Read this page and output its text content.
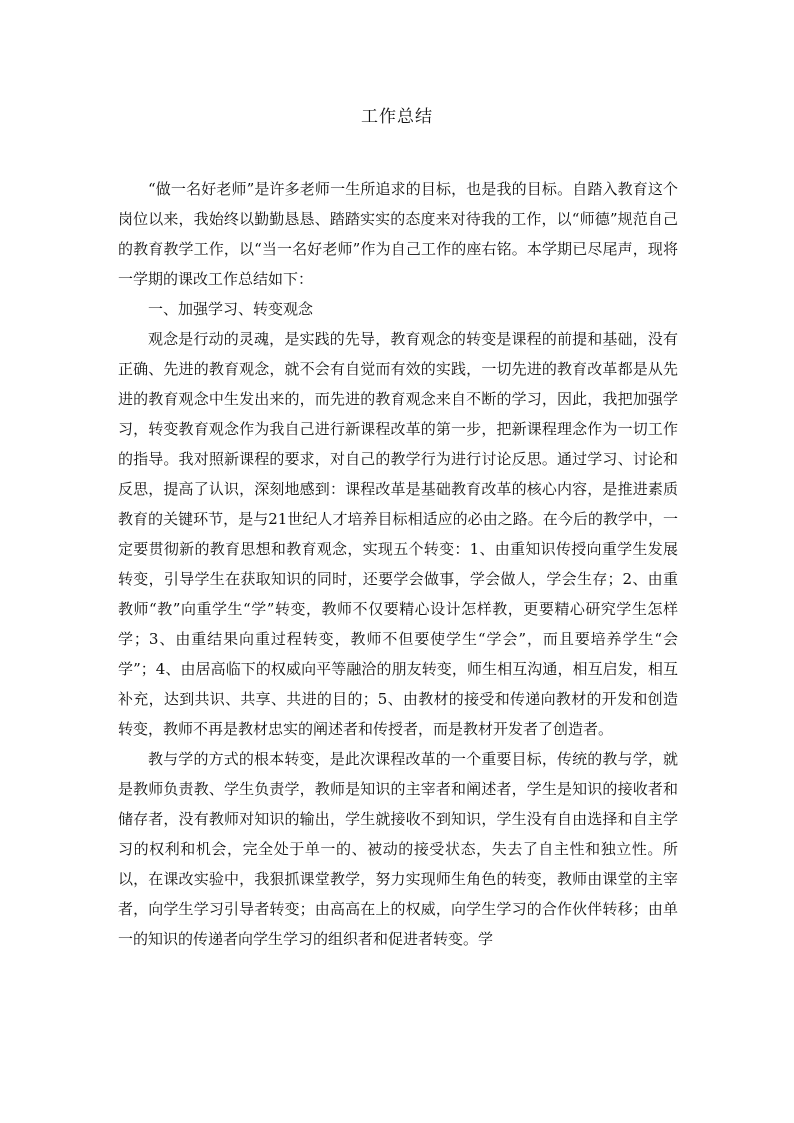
工作总结

“做一名好老师”是许多老师一生所追求的目标，也是我的目标。自踏入教育这个岗位以来，我始终以勤勤恳恳、踏踏实实的态度来对待我的工作，以“师德”规范自己的教育教学工作，以“当一名好老师”作为自己工作的座右铭。本学期已尽尾声，现将一学期的课改工作总结如下：

一、加强学习、转变观念

观念是行动的灵魂，是实践的先导，教育观念的转变是课程的前提和基础，没有正确、先进的教育观念，就不会有自觉而有效的实践，一切先进的教育改革都是从先进的教育观念中生发出来的，而先进的教育观念来自不断的学习，因此，我把加强学习，转变教育观念作为我自己进行新课程改革的第一步，把新课程理念作为一切工作的指导。我对照新课程的要求，对自己的教学行为进行讨论反思。通过学习、讨论和反思，提高了认识，深刻地感到：课程改革是基础教育改革的核心内容，是推进素质教育的关键环节，是与21世纪人才培养目标相适应的必由之路。在今后的教学中，一定要贯彻新的教育思想和教育观念，实现五个转变：1、由重知识传授向重学生发展转变，引导学生在获取知识的同时，还要学会做事，学会做人，学会生存；2、由重教师“教”向重学生“学”转变，教师不仅要精心设计怎样教，更要精心研究学生怎样学；3、由重结果向重过程转变，教师不但要使学生“学会”，而且要培养学生“会学”；4、由居高临下的权威向平等融洽的朋友转变，师生相互沟通，相互启发，相互补充，达到共识、共享、共进的目的；5、由教材的接受和传递向教材的开发和创造转变，教师不再是教材忠实的阐述者和传授者，而是教材开发者了创造者。

教与学的方式的根本转变，是此次课程改革的一个重要目标，传统的教与学，就是教师负责教、学生负责学，教师是知识的主宰者和阐述者，学生是知识的接收者和储存者，没有教师对知识的输出，学生就接收不到知识，学生没有自由选择和自主学习的权利和机会，完全处于单一的、被动的接受状态，失去了自主性和独立性。所以，在课改实验中，我狠抓课堂教学，努力实现师生角色的转变，教师由课堂的主宰者，向学生学习引导者转变；由高高在上的权威，向学生学习的合作伙伴转移；由单一的知识的传递者向学生学习的组织者和促进者转变。学
